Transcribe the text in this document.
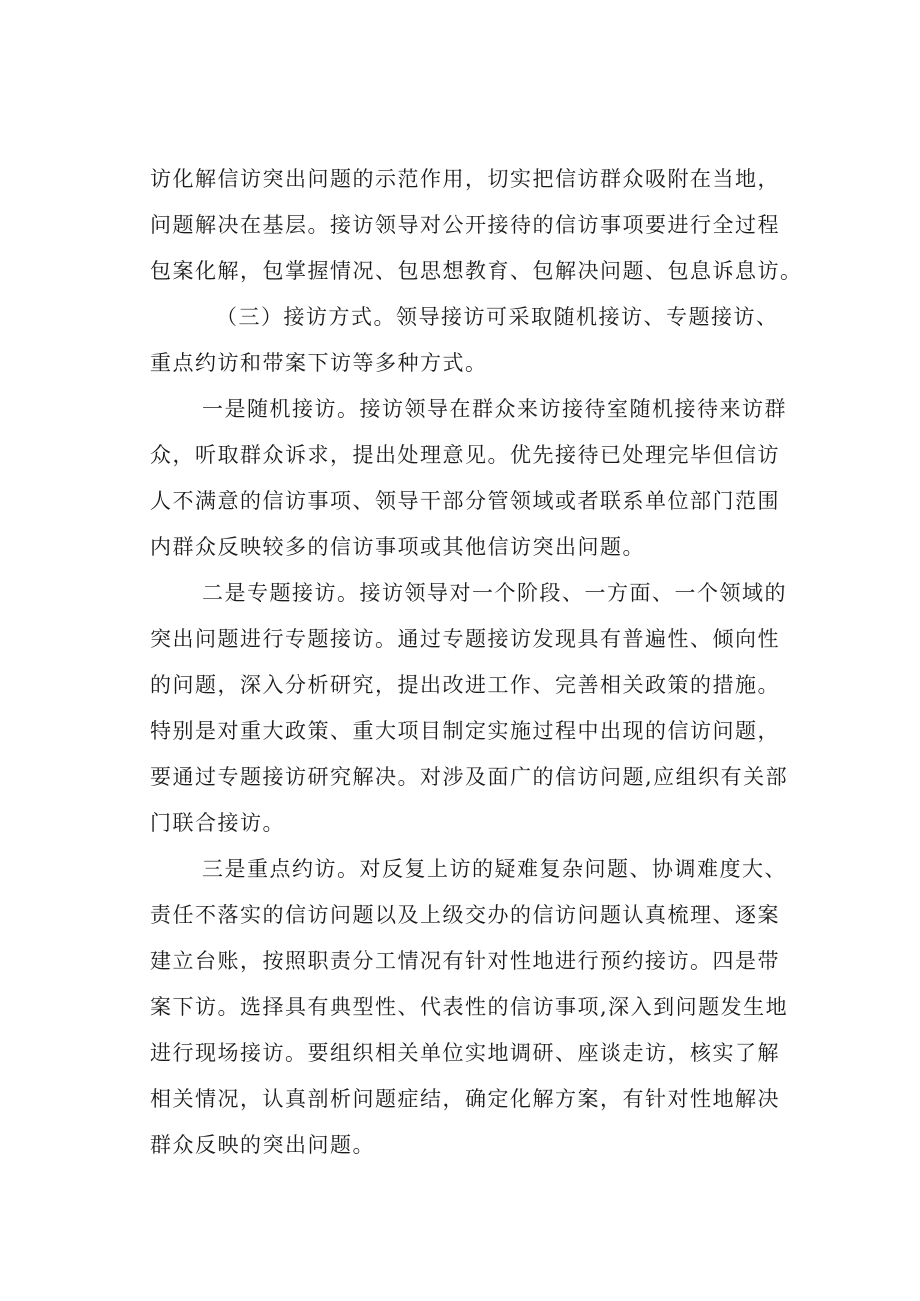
访化解信访突出问题的示范作用，切实把信访群众吸附在当地，
问题解决在基层。接访领导对公开接待的信访事项要进行全过程
包案化解，包掌握情况、包思想教育、包解决问题、包息诉息访。
（三）接访方式。领导接访可采取随机接访、专题接访、
重点约访和带案下访等多种方式。
一是随机接访。接访领导在群众来访接待室随机接待来访群
众，听取群众诉求，提出处理意见。优先接待已处理完毕但信访
人不满意的信访事项、领导干部分管领域或者联系单位部门范围
内群众反映较多的信访事项或其他信访突出问题。
二是专题接访。接访领导对一个阶段、一方面、一个领域的
突出问题进行专题接访。通过专题接访发现具有普遍性、倾向性
的问题，深入分析研究，提出改进工作、完善相关政策的措施。
特别是对重大政策、重大项目制定实施过程中出现的信访问题，
要通过专题接访研究解决。对涉及面广的信访问题,应组织有关部
门联合接访。
三是重点约访。对反复上访的疑难复杂问题、协调难度大、
责任不落实的信访问题以及上级交办的信访问题认真梳理、逐案
建立台账，按照职责分工情况有针对性地进行预约接访。四是带
案下访。选择具有典型性、代表性的信访事项,深入到问题发生地
进行现场接访。要组织相关单位实地调研、座谈走访，核实了解
相关情况，认真剖析问题症结，确定化解方案，有针对性地解决
群众反映的突出问题。
